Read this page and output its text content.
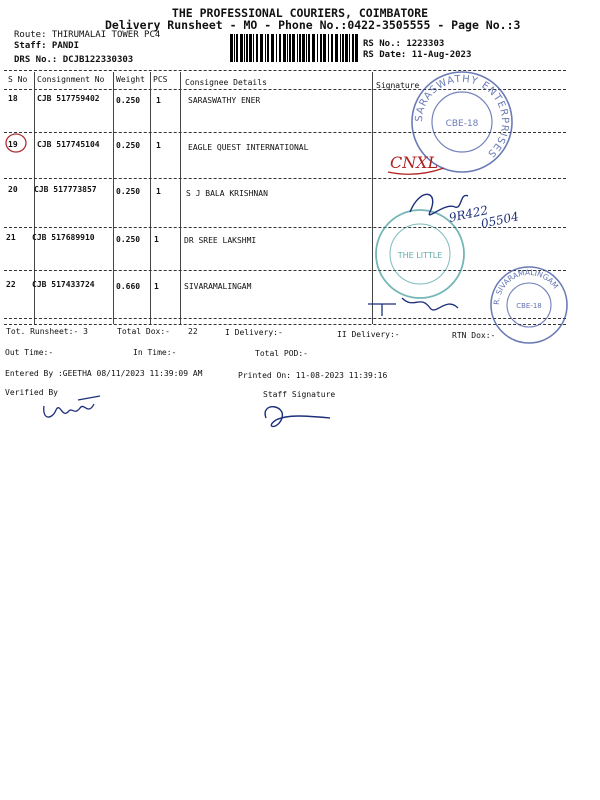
THE PROFESSIONAL COURIERS, COIMBATORE
Delivery Runsheet - MO - Phone No.:0422-3505555 - Page No.:3
Route: THIRUMALAI TOWER PC4
Staff: PANDI
DRS No.: DCJB122330303
RS No.: 1223303
RS Date: 11-Aug-2023
S No Consignment No Weight PCS Consignee Details	Signature
18 CJB 517759402 0.250 1	SARASWATHY ENER
19 CJB 517745104 0.250 1	EAGLE QUEST INTERNATIONAL
20 CJB 517773857 0.250 1	S J BALA KRISHNAN
21 CJB 517689910	0.250 1	DR SREE LAKSHMI
22 CJB 517433724	0.660 1	SIVARAMALINGAM
Tot. Runsheet:- 3	Total Dox:- 22	I Delivery:-	II Delivery:-	RTN Dox:-
Out Time:-	In Time:-	Total POD:-
Entered By :GEETHA 08/11/2023 11:39:09 AM	Printed On: 11-08-2023 11:39:16
Verified By	Staff Signature
SARASWATHY ENTERPRISES
CBE-18
CNXL
THE LITTLE
9R422
05504
R. SIVARAMALINGAM
CBE-18
